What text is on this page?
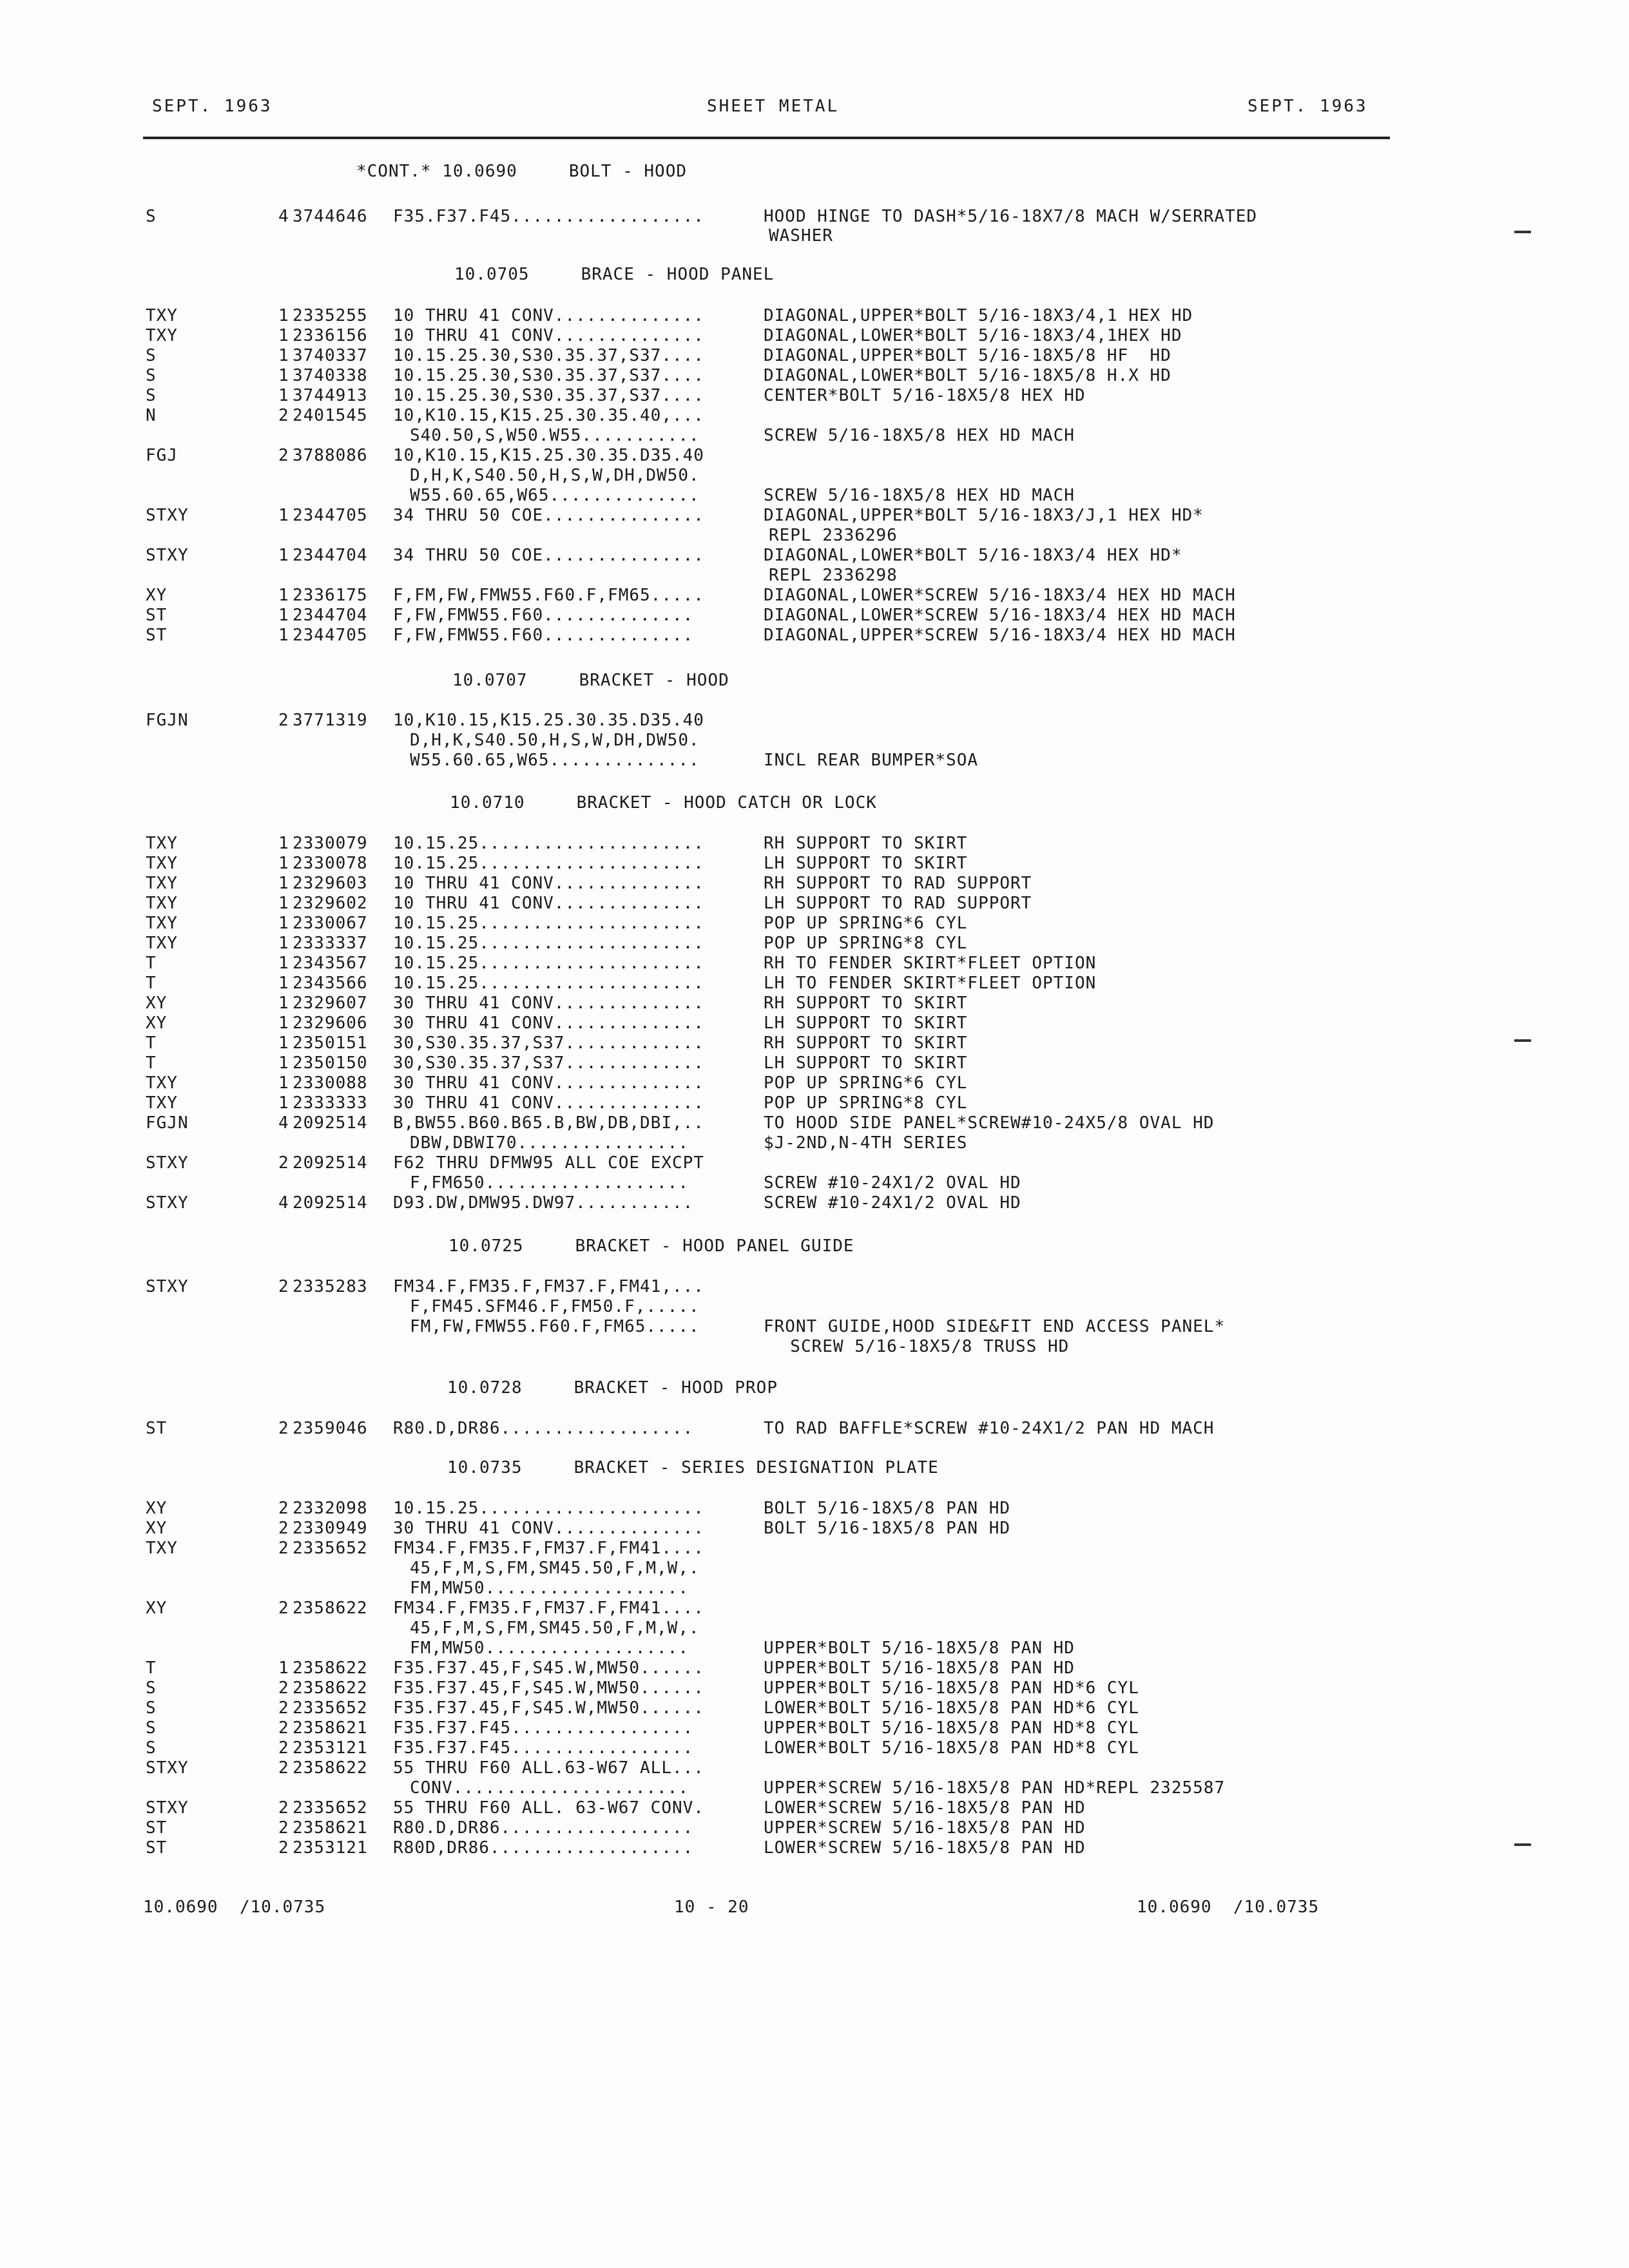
SEPT. 1963	SHEET METAL	SEPT. 1963
*CONT.* 10.0690	BOLT - HOOD
S	4 3744646 F35.F37.F45..................	HOOD HINGE TO DASH*5/16-18X7/8 MACH W/SERRATED
WASHER
10.0705	BRACE - HOOD PANEL
TXY	1 2335255 10 THRU 41 CONV..............	DIAGONAL,UPPER*BOLT 5/16-18X3/4,1 HEX HD
TXY	1 2336156 10 THRU 41 CONV..............	DIAGONAL,LOWER*BOLT 5/16-18X3/4,1HEX HD
S	1 3740337 10.15.25.30,S30.35.37,S37....	DIAGONAL,UPPER*BOLT 5/16-18X5/8 HF  HD
S	1 3740338 10.15.25.30,S30.35.37,S37....	DIAGONAL,LOWER*BOLT 5/16-18X5/8 H.X HD
S	1 3744913 10.15.25.30,S30.35.37,S37....	CENTER*BOLT 5/16-18X5/8 HEX HD
N	2 2401545 10,K10.15,K15.25.30.35.40,...
S40.50,S,W50.W55...........	SCREW 5/16-18X5/8 HEX HD MACH
FGJ	2 3788086 10,K10.15,K15.25.30.35.D35.40
D,H,K,S40.50,H,S,W,DH,DW50.
W55.60.65,W65..............	SCREW 5/16-18X5/8 HEX HD MACH
STXY	1 2344705 34 THRU 50 COE...............	DIAGONAL,UPPER*BOLT 5/16-18X3/J,1 HEX HD*
REPL 2336296
STXY	1 2344704 34 THRU 50 COE...............	DIAGONAL,LOWER*BOLT 5/16-18X3/4 HEX HD*
REPL 2336298
XY	1 2336175 F,FM,FW,FMW55.F60.F,FM65.....	DIAGONAL,LOWER*SCREW 5/16-18X3/4 HEX HD MACH
ST	1 2344704 F,FW,FMW55.F60..............	DIAGONAL,LOWER*SCREW 5/16-18X3/4 HEX HD MACH
ST	1 2344705 F,FW,FMW55.F60..............	DIAGONAL,UPPER*SCREW 5/16-18X3/4 HEX HD MACH
10.0707	BRACKET - HOOD
FGJN	2 3771319 10,K10.15,K15.25.30.35.D35.40
D,H,K,S40.50,H,S,W,DH,DW50.
W55.60.65,W65..............	INCL REAR BUMPER*SOA
10.0710	BRACKET - HOOD CATCH OR LOCK
TXY	1 2330079 10.15.25.....................	RH SUPPORT TO SKIRT
TXY	1 2330078 10.15.25.....................	LH SUPPORT TO SKIRT
TXY	1 2329603 10 THRU 41 CONV..............	RH SUPPORT TO RAD SUPPORT
TXY	1 2329602 10 THRU 41 CONV..............	LH SUPPORT TO RAD SUPPORT
TXY	1 2330067 10.15.25.....................	POP UP SPRING*6 CYL
TXY	1 2333337 10.15.25.....................	POP UP SPRING*8 CYL
T	1 2343567 10.15.25.....................	RH TO FENDER SKIRT*FLEET OPTION
T	1 2343566 10.15.25.....................	LH TO FENDER SKIRT*FLEET OPTION
XY	1 2329607 30 THRU 41 CONV..............	RH SUPPORT TO SKIRT
XY	1 2329606 30 THRU 41 CONV..............	LH SUPPORT TO SKIRT
T	1 2350151 30,S30.35.37,S37.............	RH SUPPORT TO SKIRT
T	1 2350150 30,S30.35.37,S37.............	LH SUPPORT TO SKIRT
TXY	1 2330088 30 THRU 41 CONV..............	POP UP SPRING*6 CYL
TXY	1 2333333 30 THRU 41 CONV..............	POP UP SPRING*8 CYL
FGJN	4 2092514 B,BW55.B60.B65.B,BW,DB,DBI,..	TO HOOD SIDE PANEL*SCREW#10-24X5/8 OVAL HD
DBW,DBWI70................	$J-2ND,N-4TH SERIES
STXY	2 2092514 F62 THRU DFMW95 ALL COE EXCPT
F,FM650...................	SCREW #10-24X1/2 OVAL HD
STXY	4 2092514 D93.DW,DMW95.DW97...........	SCREW #10-24X1/2 OVAL HD
10.0725	BRACKET - HOOD PANEL GUIDE
STXY	2 2335283 FM34.F,FM35.F,FM37.F,FM41,...
F,FM45.SFM46.F,FM50.F,.....
FM,FW,FMW55.F60.F,FM65.....	FRONT GUIDE,HOOD SIDE&FIT END ACCESS PANEL*
SCREW 5/16-18X5/8 TRUSS HD
10.0728	BRACKET - HOOD PROP
ST	2 2359046 R80.D,DR86..................	TO RAD BAFFLE*SCREW #10-24X1/2 PAN HD MACH
10.0735	BRACKET - SERIES DESIGNATION PLATE
XY	2 2332098 10.15.25.....................	BOLT 5/16-18X5/8 PAN HD
XY	2 2330949 30 THRU 41 CONV..............	BOLT 5/16-18X5/8 PAN HD
TXY	2 2335652 FM34.F,FM35.F,FM37.F,FM41....
45,F,M,S,FM,SM45.50,F,M,W,.
FM,MW50...................
XY	2 2358622 FM34.F,FM35.F,FM37.F,FM41....
45,F,M,S,FM,SM45.50,F,M,W,.
FM,MW50...................	UPPER*BOLT 5/16-18X5/8 PAN HD
T	1 2358622 F35.F37.45,F,S45.W,MW50......	UPPER*BOLT 5/16-18X5/8 PAN HD
S	2 2358622 F35.F37.45,F,S45.W,MW50......	UPPER*BOLT 5/16-18X5/8 PAN HD*6 CYL
S	2 2335652 F35.F37.45,F,S45.W,MW50......	LOWER*BOLT 5/16-18X5/8 PAN HD*6 CYL
S	2 2358621 F35.F37.F45.................	UPPER*BOLT 5/16-18X5/8 PAN HD*8 CYL
S	2 2353121 F35.F37.F45.................	LOWER*BOLT 5/16-18X5/8 PAN HD*8 CYL
STXY	2 2358622 55 THRU F60 ALL.63-W67 ALL...
CONV......................	UPPER*SCREW 5/16-18X5/8 PAN HD*REPL 2325587
STXY	2 2335652 55 THRU F60 ALL. 63-W67 CONV.	LOWER*SCREW 5/16-18X5/8 PAN HD
ST	2 2358621 R80.D,DR86..................	UPPER*SCREW 5/16-18X5/8 PAN HD
ST	2 2353121 R80D,DR86...................	LOWER*SCREW 5/16-18X5/8 PAN HD
10.0690  /10.0735	10 - 20	10.0690  /10.0735
